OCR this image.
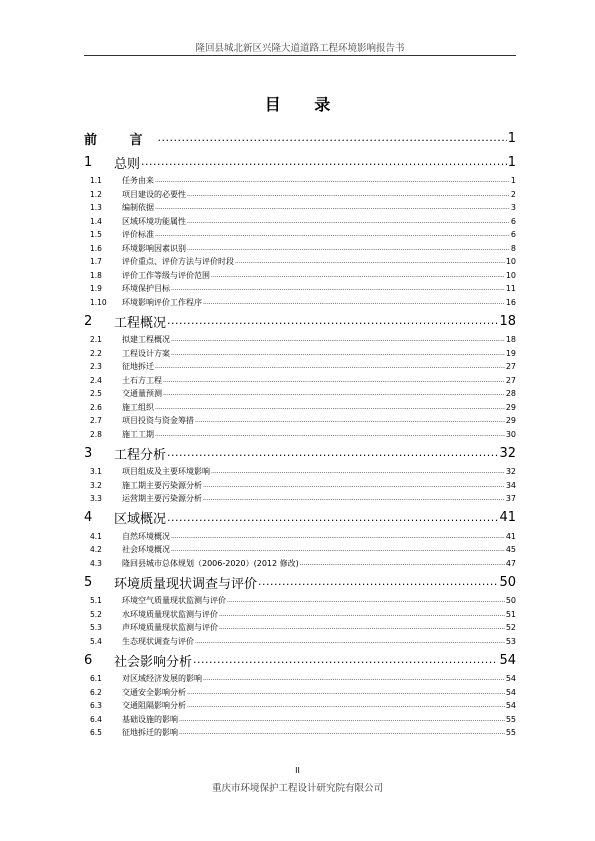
隆回县城北新区兴隆大道道路工程环境影响报告书
目 录
前 言 .....	1
1	总则 .....	1
1.1	任务由来 .....	1
1.2	项目建设的必要性 .....	2
1.3	编制依据 .....	3
1.4	区域环境功能属性 .....	6
1.5	评价标准 .....	6
1.6	环境影响因素识别 .....	8
1.7	评价重点、评价方法与评价时段 .....	10
1.8	评价工作等级与评价范围 .....	10
1.9	环境保护目标 .....	11
1.10	环境影响评价工作程序 .....	16
2	工程概况 .....	18
2.1	拟建工程概况 .....	18
2.2	工程设计方案 .....	19
2.3	征地拆迁 .....	27
2.4	土石方工程 .....	27
2.5	交通量预测 .....	28
2.6	施工组织 .....	29
2.7	项目投资与资金筹措 .....	29
2.8	施工工期 .....	30
3	工程分析 .....	32
3.1	项目组成及主要环境影响 .....	32
3.2	施工期主要污染源分析 .....	34
3.3	运营期主要污染源分析 .....	37
4	区域概况 .....	41
4.1	自然环境概况 .....	41
4.2	社会环境概况 .....	45
4.3	隆回县城市总体规划（2006-2020）(2012 修改) .....	47
5	环境质量现状调查与评价 .....	50
5.1	环境空气质量现状监测与评价 .....	50
5.2	水环境质量现状监测与评价 .....	51
5.3	声环境质量现状监测与评价 .....	52
5.4	生态现状调查与评价 .....	53
6	社会影响分析 .....	54
6.1	对区域经济发展的影响 .....	54
6.2	交通安全影响分析 .....	54
6.3	交通阻隔影响分析 .....	54
6.4	基础设施的影响 .....	55
6.5	征地拆迁的影响 .....	55
II
重庆市环境保护工程设计研究院有限公司
